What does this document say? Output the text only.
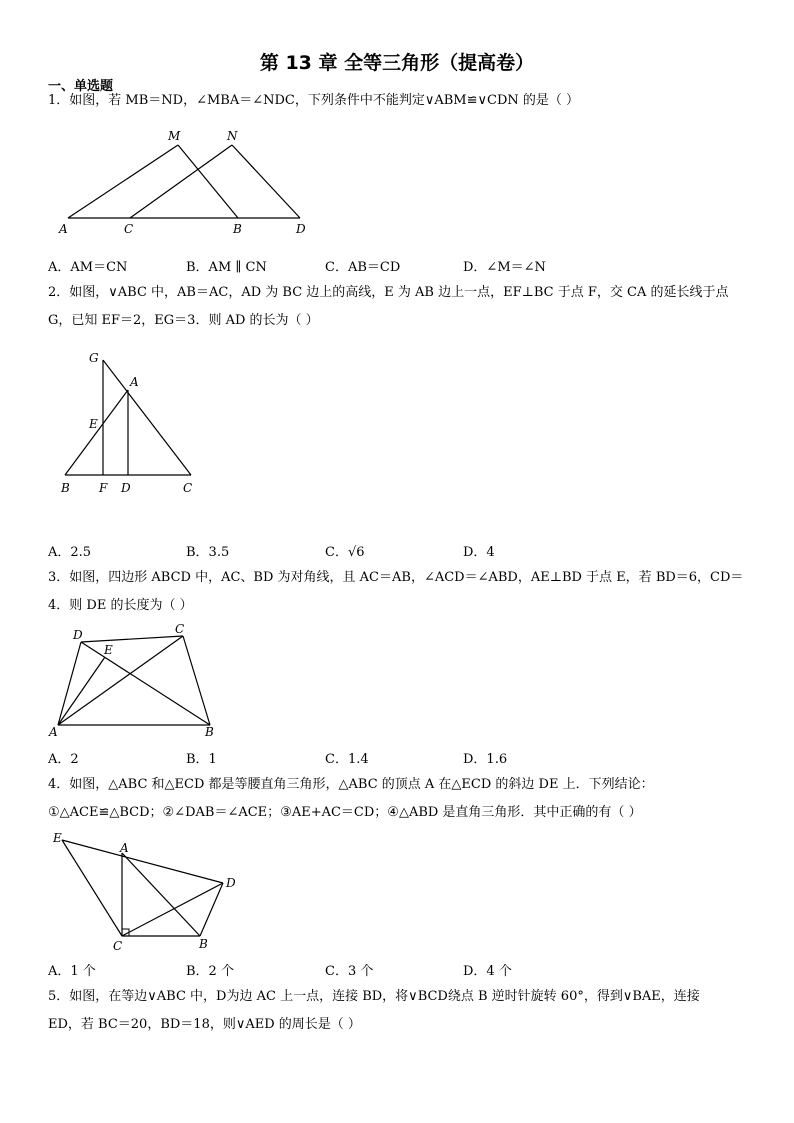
第 13 章 全等三角形（提高卷）
一、单选题
1．如图，若 MB＝ND，∠MBA＝∠NDC，下列条件中不能判定∨ABM≌∨CDN 的是（ ）
M	N
A	C	B	D
A．AM＝CN	B．AM ∥ CN	C．AB＝CD	D．∠M＝∠N
2．如图，∨ABC 中，AB＝AC，AD 为 BC 边上的高线，E 为 AB 边上一点，EF⊥BC 于点 F，交 CA 的延长线于点
G，已知 EF＝2，EG＝3．则 AD 的长为（ ）
G
A
E
B F D	C
A．2.5	B．3.5	C．√6	D．4
3．如图，四边形 ABCD 中，AC、BD 为对角线，且 AC＝AB，∠ACD＝∠ABD，AE⊥BD 于点 E，若 BD＝6，CD＝
4．则 DE 的长度为（ ）
D	C
E
A	B
A．2	B．1	C．1.4	D．1.6
4．如图，△ABC 和△ECD 都是等腰直角三角形，△ABC 的顶点 A 在△ECD 的斜边 DE 上．下列结论：
①△ACE≌△BCD；②∠DAB＝∠ACE；③AE+AC＝CD；④△ABD 是直角三角形．其中正确的有（ ）
E
A
D
C	B
A．1 个	B．2 个	C．3 个	D．4 个
5．如图，在等边∨ABC 中，D为边 AC 上一点，连接 BD，将∨BCD绕点 B 逆时针旋转 60°，得到∨BAE，连接
ED，若 BC＝20，BD＝18，则∨AED 的周长是（ ）
